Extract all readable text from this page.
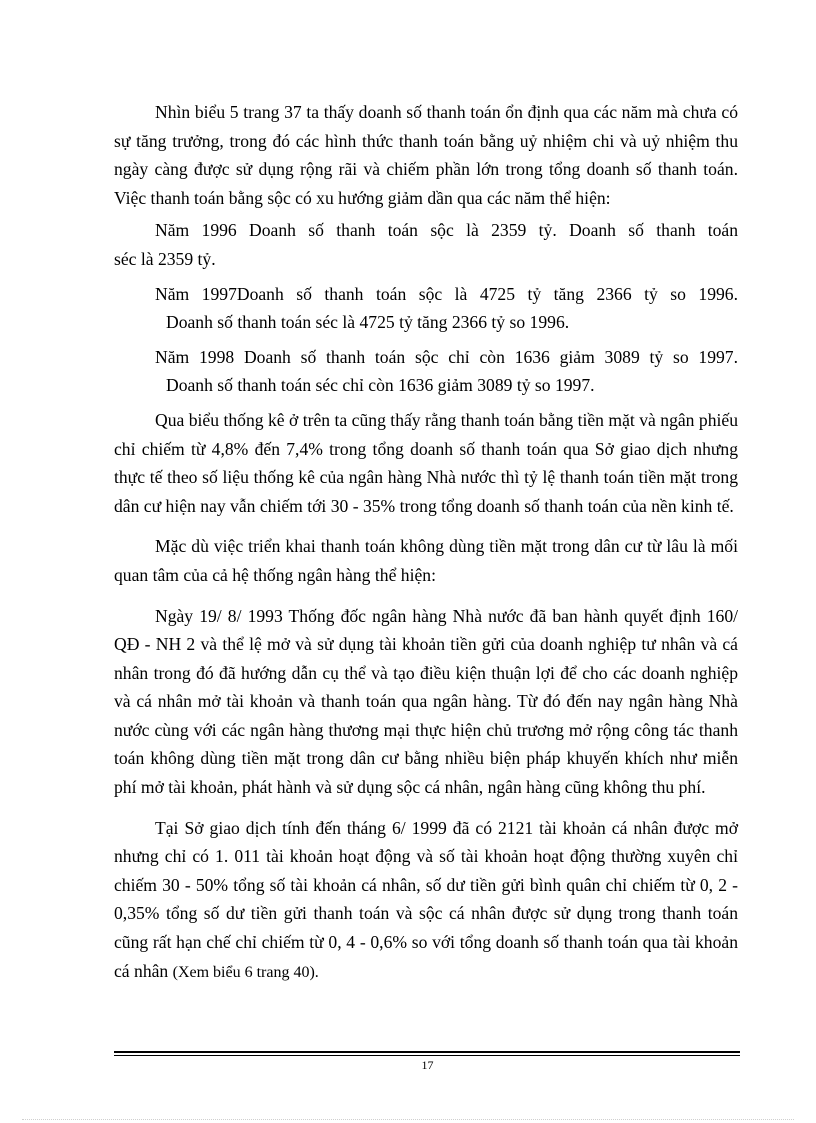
Nhìn biểu 5 trang 37 ta thấy doanh số thanh toán ổn định qua các năm mà chưa có sự tăng trưởng, trong đó các hình thức thanh toán bằng uỷ nhiệm chi và uỷ nhiệm thu ngày càng được sử dụng rộng rãi và chiếm phần lớn trong tổng doanh số thanh toán. Việc thanh toán bằng sộc có xu hướng giảm dần qua các năm thể hiện:

Năm 1996 Doanh số thanh toán sộc là 2359 tỷ. Doanh số thanh toán

séc là 2359 tỷ.

Năm 1997Doanh số thanh toán sộc là 4725 tỷ tăng 2366 tỷ so 1996.

Doanh số thanh toán séc là 4725 tỷ tăng 2366 tỷ so 1996.

Năm 1998 Doanh số thanh toán sộc chỉ còn 1636 giảm 3089 tỷ so 1997.

Doanh số thanh toán séc chỉ còn 1636 giảm 3089 tỷ so 1997.

Qua biểu thống kê ở trên ta cũng thấy rằng thanh toán bằng tiền mặt và ngân phiếu chỉ chiếm từ 4,8% đến 7,4% trong tổng doanh số thanh toán qua Sở giao dịch nhưng thực tế theo số liệu thống kê của ngân hàng Nhà nước thì tỷ lệ thanh toán tiền mặt trong dân cư hiện nay vẫn chiếm tới 30 - 35% trong tổng doanh số thanh toán của nền kinh tế.

Mặc dù việc triển khai thanh toán không dùng tiền mặt trong dân cư từ lâu là mối quan tâm của cả hệ thống ngân hàng thể hiện:

Ngày 19/ 8/ 1993 Thống đốc ngân hàng Nhà nước đã ban hành quyết định 160/ QĐ - NH 2 và thể lệ mở và sử dụng tài khoản tiền gửi của doanh nghiệp tư nhân và cá nhân trong đó đã hướng dẫn cụ thể và tạo điều kiện thuận lợi để cho các doanh nghiệp và cá nhân mở tài khoản và thanh toán qua ngân hàng. Từ đó đến nay ngân hàng Nhà nước cùng với các ngân hàng thương mại thực hiện chủ trương mở rộng công tác thanh toán không dùng tiền mặt trong dân cư bằng nhiều biện pháp khuyến khích như miễn phí mở tài khoản, phát hành và sử dụng sộc cá nhân, ngân hàng cũng không thu phí.

Tại Sở giao dịch tính đến tháng 6/ 1999 đã có 2121 tài khoản cá nhân được mở nhưng chỉ có 1. 011 tài khoản hoạt động và số tài khoản hoạt động thường xuyên chỉ chiếm 30 - 50% tổng số tài khoản cá nhân, số dư tiền gửi bình quân chỉ chiếm từ 0, 2 - 0,35% tổng số dư tiền gửi thanh toán và sộc cá nhân được sử dụng trong thanh toán cũng rất hạn chế chỉ chiếm từ 0, 4 - 0,6% so với tổng doanh số thanh toán qua tài khoản cá nhân (Xem biểu 6 trang 40).

17
